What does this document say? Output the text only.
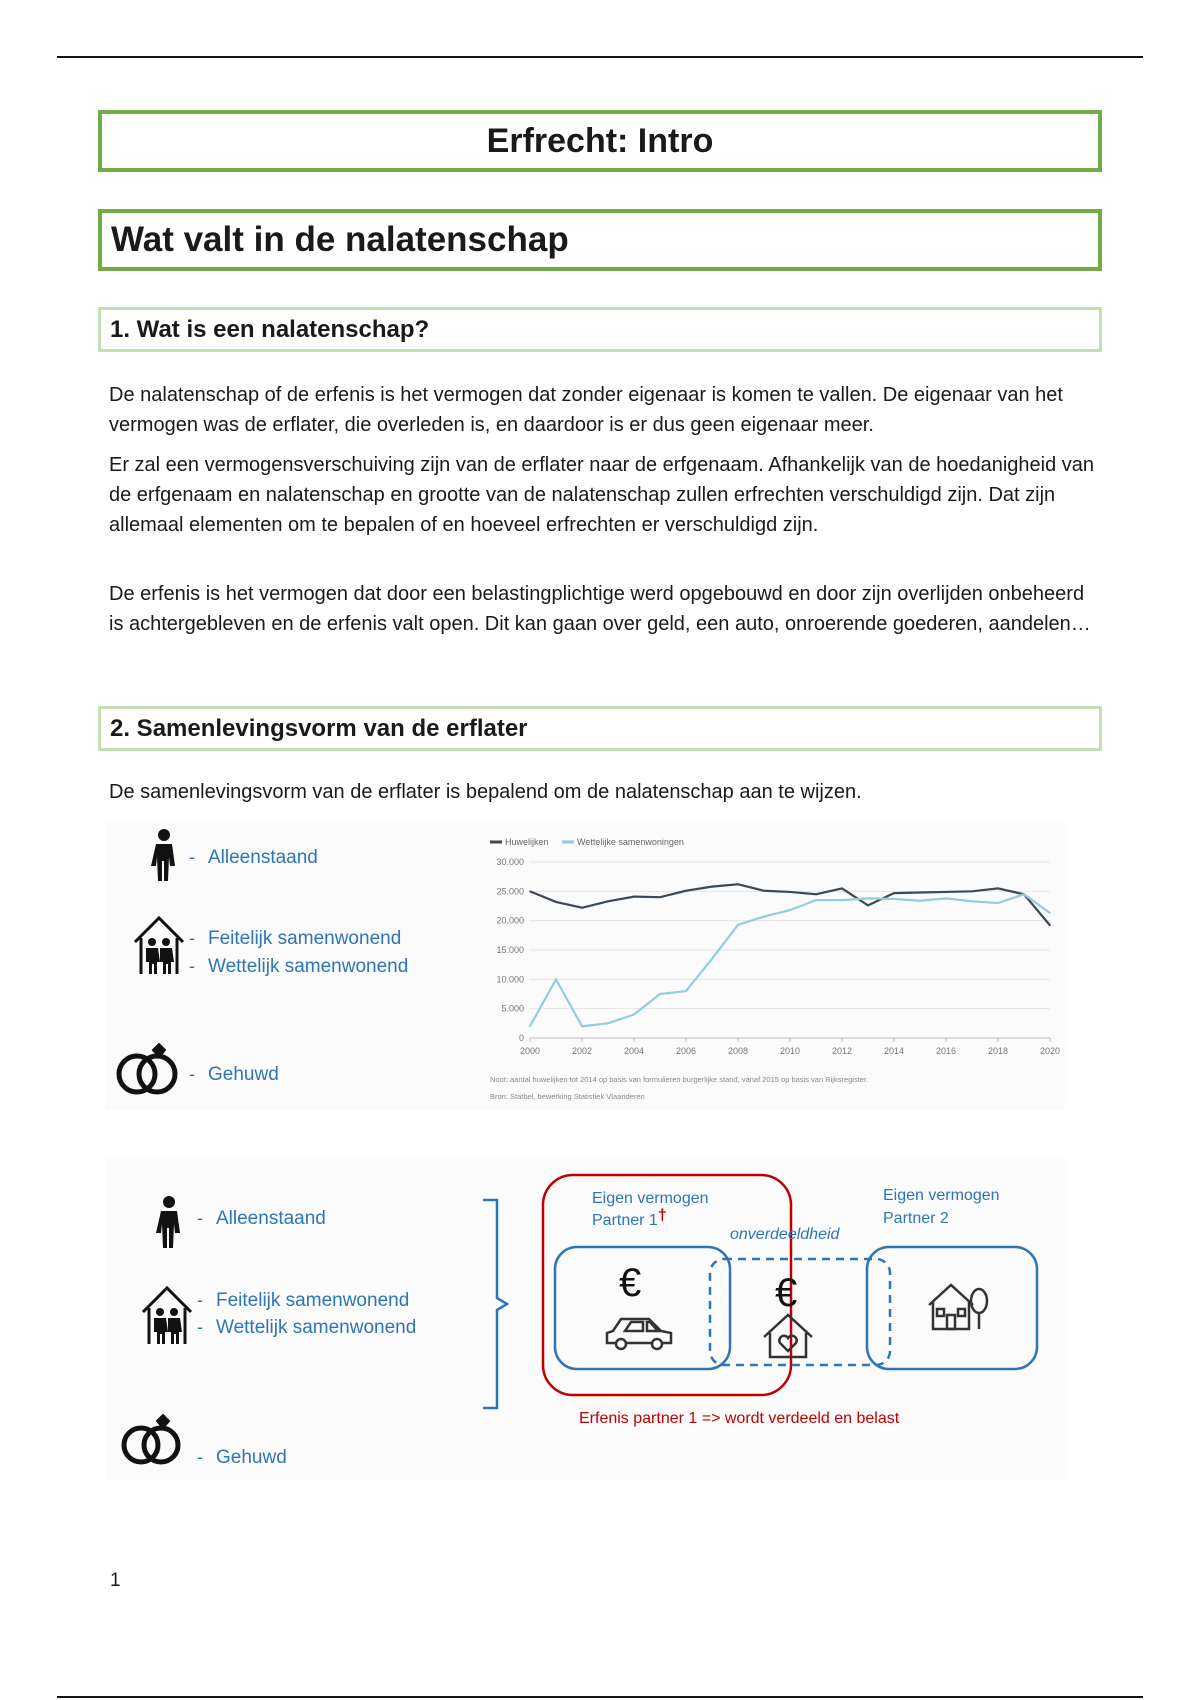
Erfrecht: Intro
Wat valt in de nalatenschap
1. Wat is een nalatenschap?

De nalatenschap of de erfenis is het vermogen dat zonder eigenaar is komen te vallen. De eigenaar van het vermogen was de erflater, die overleden is, en daardoor is er dus geen eigenaar meer.

Er zal een vermogensverschuiving zijn van de erflater naar de erfgenaam. Afhankelijk van de hoedanigheid van de erfgenaam en nalatenschap en grootte van de nalatenschap zullen erfrechten verschuldigd zijn. Dat zijn allemaal elementen om te bepalen of en hoeveel erfrechten er verschuldigd zijn.

De erfenis is het vermogen dat door een belastingplichtige werd opgebouwd en door zijn overlijden onbeheerd is achtergebleven en de erfenis valt open. Dit kan gaan over geld, een auto, onroerende goederen, aandelen…

2. Samenlevingsvorm van de erflater

De samenlevingsvorm van de erflater is bepalend om de nalatenschap aan te wijzen.

Alleenstaand
-
- Feitelijk samenwonend
- Wettelijk samenwonend
- Gehuwd
Huwelijken	Wettelijke samenwoningen
0
5.000
10.000
15.000
20.000
25.000
30.000
2000	2002	2004	2006	2008	2010	2012	2014	2016	2018	2020
Noot: aantal huwelijken tot 2014 op basis van formulieren burgerlijke stand, vanaf 2015 op basis van Rijksregister.
Bron: Statbel, bewerking Statistiek Vlaanderen
- Alleenstaand
- Feitelijk samenwonend
- Wettelijk samenwonend
- Gehuwd
Eigen vermogen
Partner 1†
Eigen vermogen
Partner 2
onverdeeldheid
€	€
Erfenis partner 1 => wordt verdeeld en belast
1
